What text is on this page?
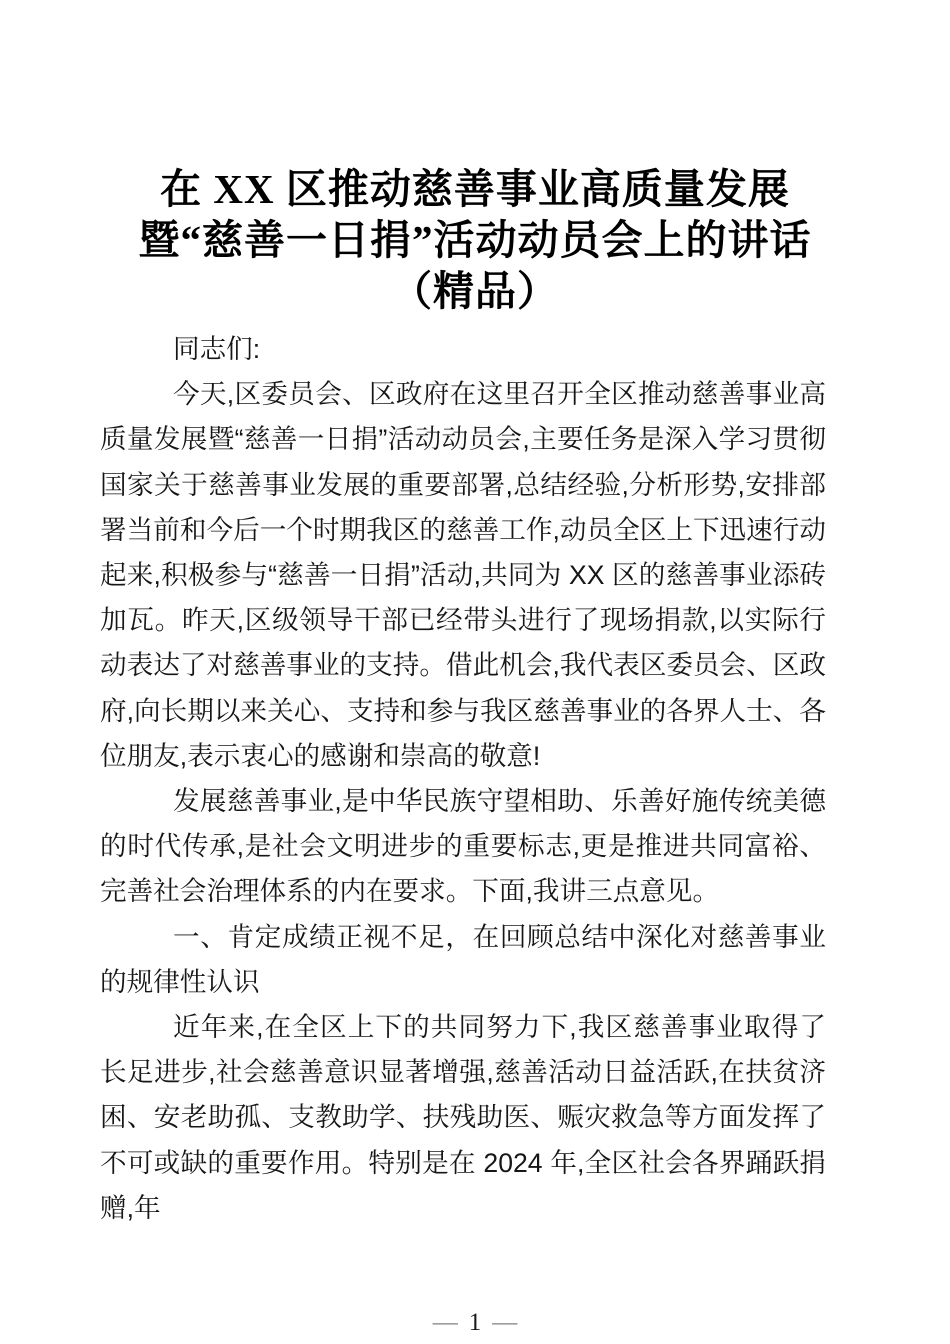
在 XX 区推动慈善事业高质量发展
暨“慈善一日捐”活动动员会上的讲话
（精品）

同志们:

今天,区委员会、区政府在这里召开全区推动慈善事业高质量发展暨“慈善一日捐”活动动员会,主要任务是深入学习贯彻国家关于慈善事业发展的重要部署,总结经验,分析形势,安排部署当前和今后一个时期我区的慈善工作,动员全区上下迅速行动起来,积极参与“慈善一日捐”活动,共同为 XX 区的慈善事业添砖加瓦。昨天,区级领导干部已经带头进行了现场捐款,以实际行动表达了对慈善事业的支持。借此机会,我代表区委员会、区政府,向长期以来关心、支持和参与我区慈善事业的各界人士、各位朋友,表示衷心的感谢和崇高的敬意!

发展慈善事业,是中华民族守望相助、乐善好施传统美德的时代传承,是社会文明进步的重要标志,更是推进共同富裕、完善社会治理体系的内在要求。下面,我讲三点意见。

一、肯定成绩正视不足，在回顾总结中深化对慈善事业的规律性认识

近年来,在全区上下的共同努力下,我区慈善事业取得了长足进步,社会慈善意识显著增强,慈善活动日益活跃,在扶贫济困、安老助孤、支教助学、扶残助医、赈灾救急等方面发挥了不可或缺的重要作用。特别是在 2024 年,全区社会各界踊跃捐赠,年

— 1 —
